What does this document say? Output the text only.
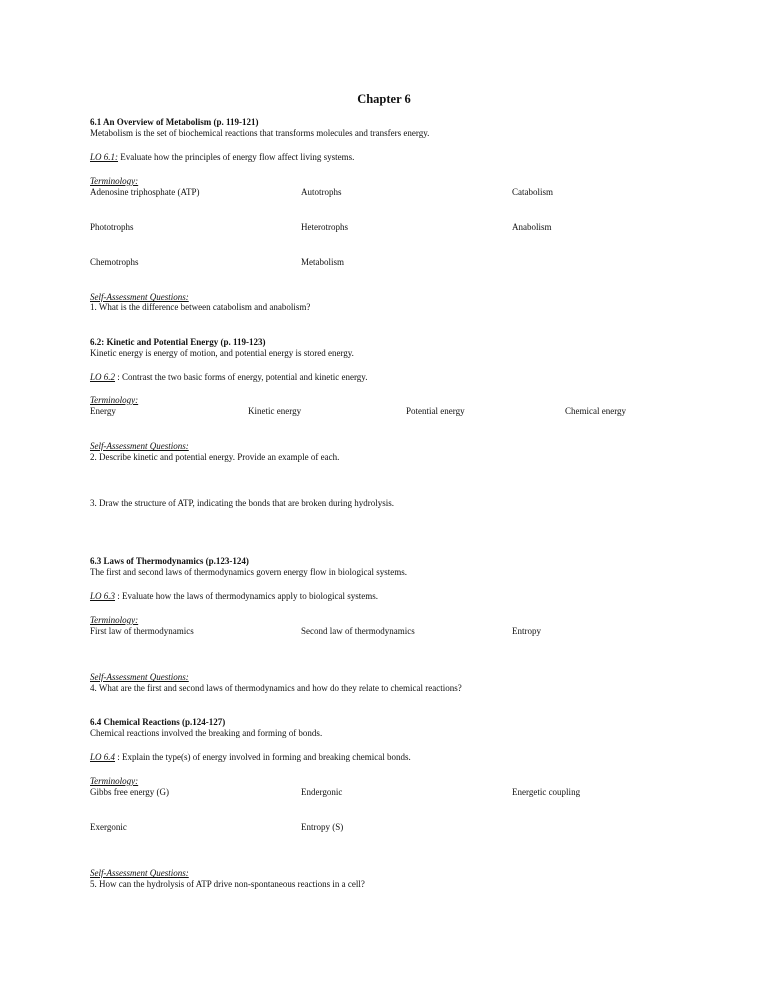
Chapter 6
6.1 An Overview of Metabolism (p. 119-121)
Metabolism is the set of biochemical reactions that transforms molecules and transfers energy.
LO 6.1: Evaluate how the principles of energy flow affect living systems.
Terminology:
Adenosine triphosphate (ATP)	Autotrophs	Catabolism
Phototrophs	Heterotrophs	Anabolism
Chemotrophs	Metabolism
Self-Assessment Questions:
1. What is the difference between catabolism and anabolism?
6.2: Kinetic and Potential Energy (p. 119-123)
Kinetic energy is energy of motion, and potential energy is stored energy.
LO 6.2 : Contrast the two basic forms of energy, potential and kinetic energy.
Terminology:
Energy	Kinetic energy	Potential energy	Chemical energy
Self-Assessment Questions:
2. Describe kinetic and potential energy. Provide an example of each.
3. Draw the structure of ATP, indicating the bonds that are broken during hydrolysis.
6.3 Laws of Thermodynamics (p.123-124)
The first and second laws of thermodynamics govern energy flow in biological systems.
LO 6.3 : Evaluate how the laws of thermodynamics apply to biological systems.
Terminology:
First law of thermodynamics	Second law of thermodynamics	Entropy
Self-Assessment Questions:
4. What are the first and second laws of thermodynamics and how do they relate to chemical reactions?
6.4 Chemical Reactions (p.124-127)
Chemical reactions involved the breaking and forming of bonds.
LO 6.4 : Explain the type(s) of energy involved in forming and breaking chemical bonds.
Terminology:
Gibbs free energy (G)	Endergonic	Energetic coupling
Exergonic	Entropy (S)
Self-Assessment Questions:
5. How can the hydrolysis of ATP drive non-spontaneous reactions in a cell?
